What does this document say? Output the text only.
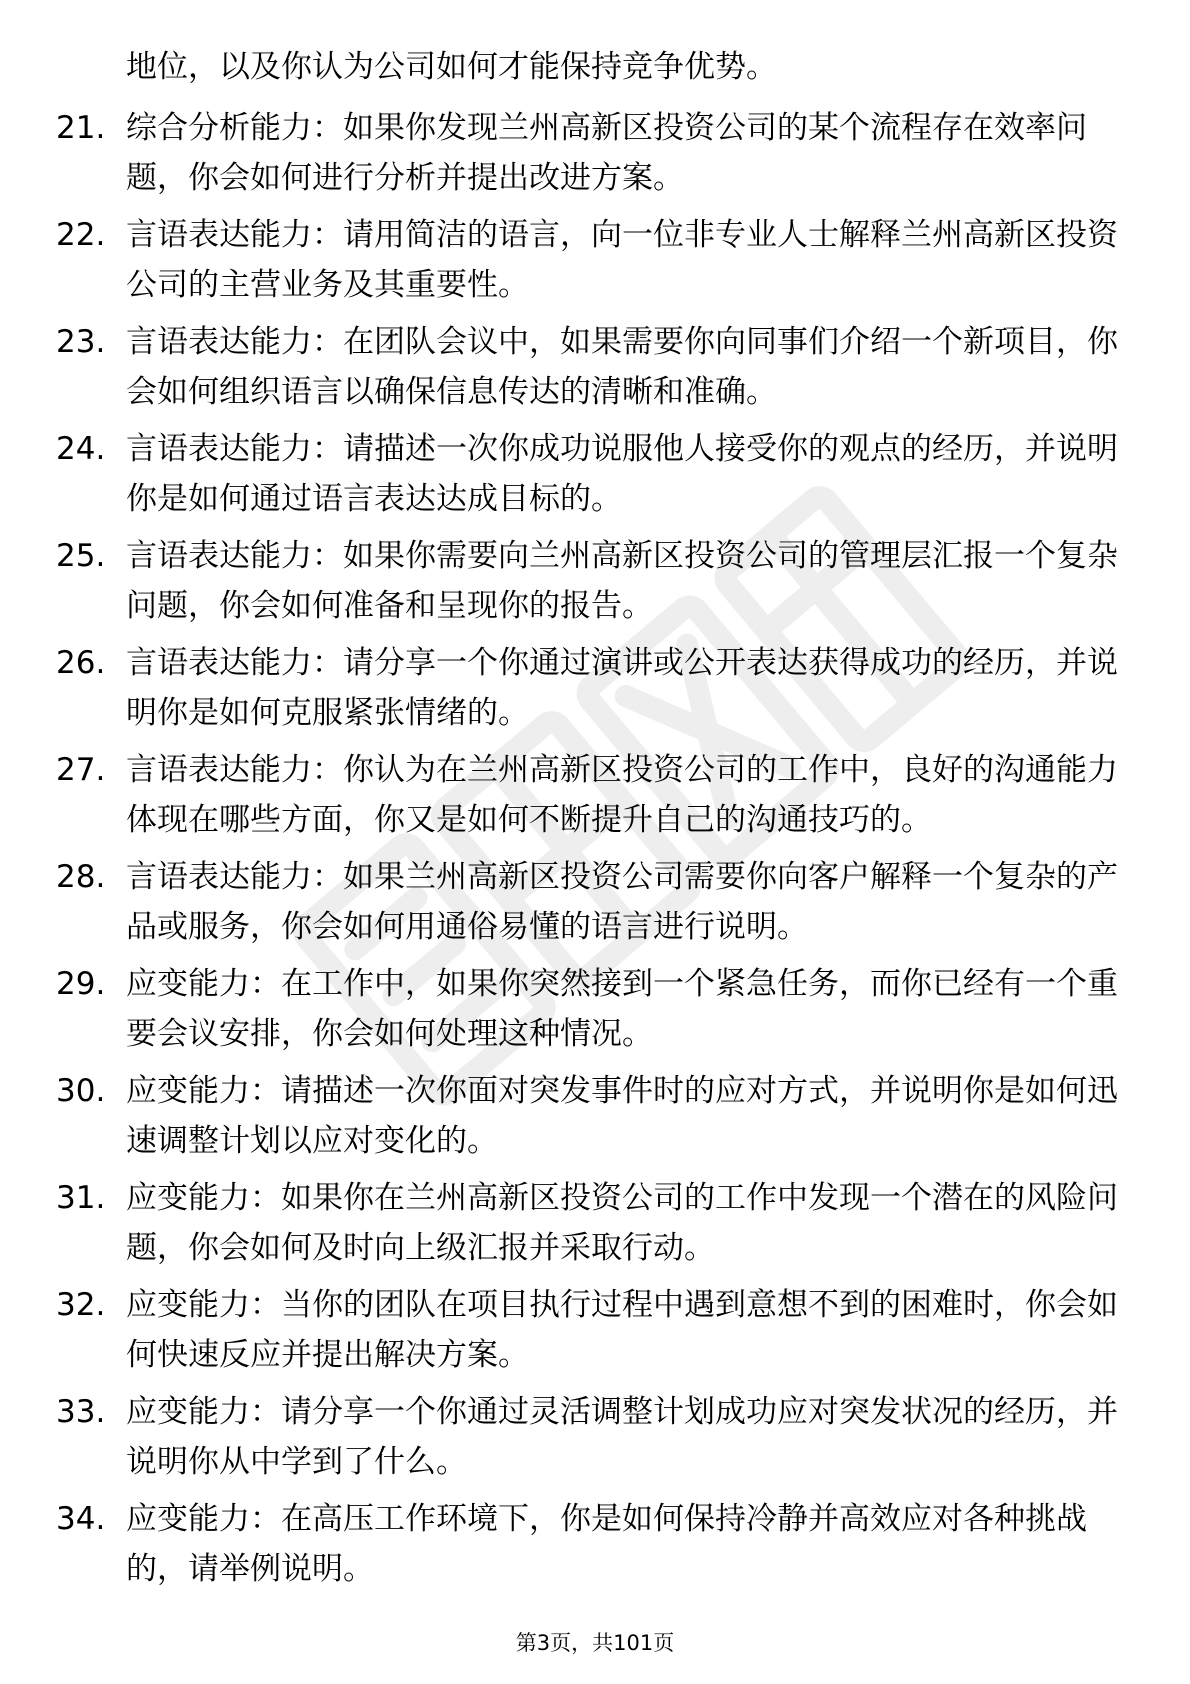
地位，以及你认为公司如何才能保持竞争优势。

21. 综合分析能力：如果你发现兰州高新区投资公司的某个流程存在效率问题，你会如何进行分析并提出改进方案。
22. 言语表达能力：请用简洁的语言，向一位非专业人士解释兰州高新区投资公司的主营业务及其重要性。
23. 言语表达能力：在团队会议中，如果需要你向同事们介绍一个新项目，你会如何组织语言以确保信息传达的清晰和准确。
24. 言语表达能力：请描述一次你成功说服他人接受你的观点的经历，并说明你是如何通过语言表达达成目标的。
25. 言语表达能力：如果你需要向兰州高新区投资公司的管理层汇报一个复杂问题，你会如何准备和呈现你的报告。
26. 言语表达能力：请分享一个你通过演讲或公开表达获得成功的经历，并说明你是如何克服紧张情绪的。
27. 言语表达能力：你认为在兰州高新区投资公司的工作中，良好的沟通能力体现在哪些方面，你又是如何不断提升自己的沟通技巧的。
28. 言语表达能力：如果兰州高新区投资公司需要你向客户解释一个复杂的产品或服务，你会如何用通俗易懂的语言进行说明。
29. 应变能力：在工作中，如果你突然接到一个紧急任务，而你已经有一个重要会议安排，你会如何处理这种情况。
30. 应变能力：请描述一次你面对突发事件时的应对方式，并说明你是如何迅速调整计划以应对变化的。
31. 应变能力：如果你在兰州高新区投资公司的工作中发现一个潜在的风险问题，你会如何及时向上级汇报并采取行动。
32. 应变能力：当你的团队在项目执行过程中遇到意想不到的困难时，你会如何快速反应并提出解决方案。
33. 应变能力：请分享一个你通过灵活调整计划成功应对突发状况的经历，并说明你从中学到了什么。
34. 应变能力：在高压工作环境下，你是如何保持冷静并高效应对各种挑战的，请举例说明。
第3页，共101页
